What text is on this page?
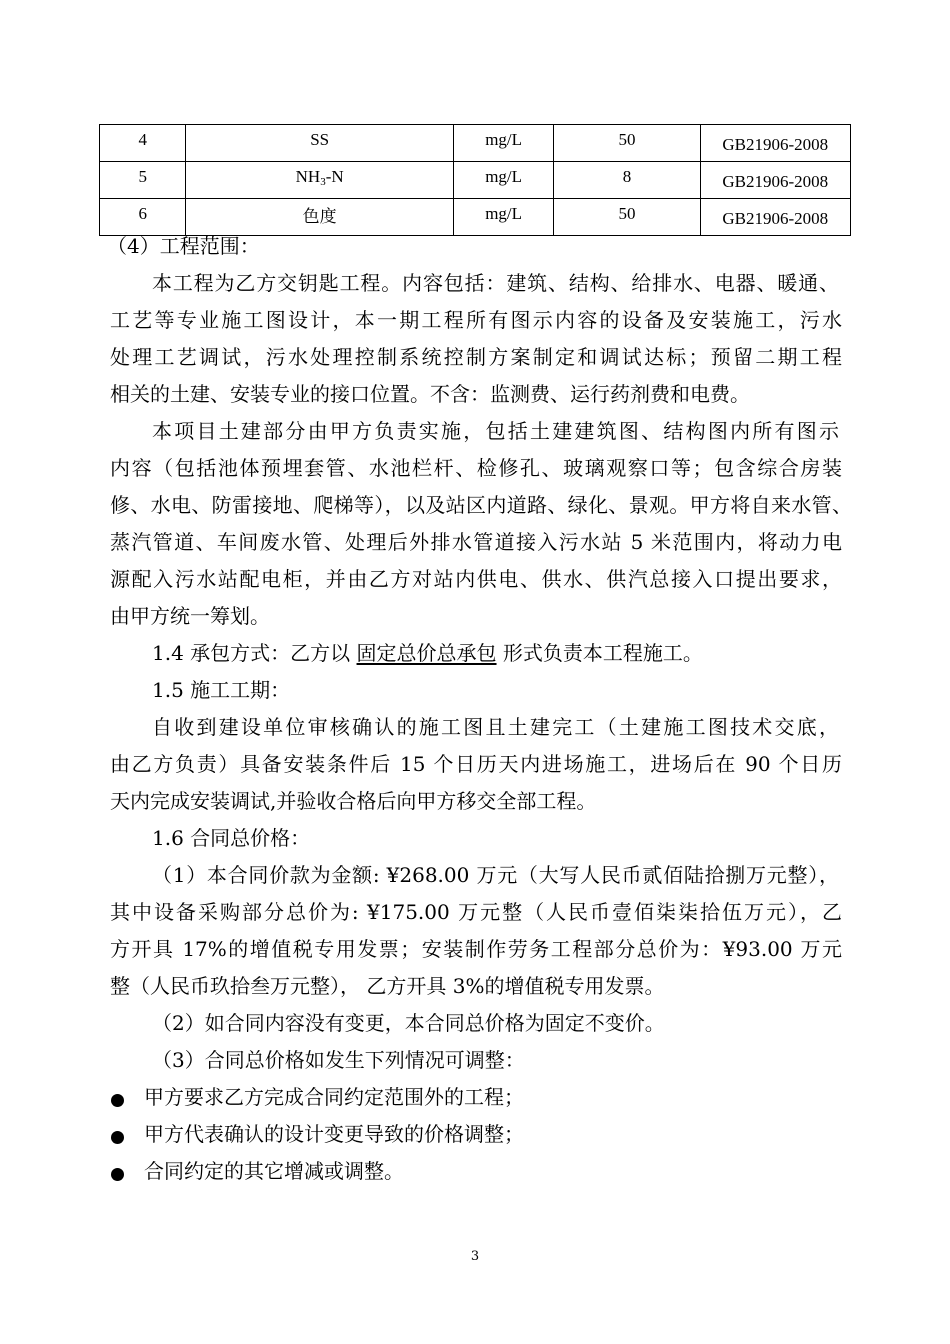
4	SS	mg/L	50	GB21906-2008
5	$NH_3-N$	mg/L	8	GB21906-2008
6	色度	mg/L	50	GB21906-2008
（4）工程范围：
本工程为乙方交钥匙工程。内容包括：建筑、结构、给排水、电器、暖通、
工艺等专业施工图设计，本一期工程所有图示内容的设备及安装施工，污水
处理工艺调试，污水处理控制系统控制方案制定和调试达标；预留二期工程
相关的土建、安装专业的接口位置。不含：监测费、运行药剂费和电费。
本项目土建部分由甲方负责实施，包括土建建筑图、结构图内所有图示
内容（包括池体预埋套管、水池栏杆、检修孔、玻璃观察口等；包含综合房装
修、水电、防雷接地、爬梯等），以及站区内道路、绿化、景观。甲方将自来水管、
蒸汽管道、车间废水管、处理后外排水管道接入污水站 5 米范围内，将动力电
源配入污水站配电柜，并由乙方对站内供电、供水、供汽总接入口提出要求，
由甲方统一筹划。
1.4 承包方式：乙方以 固定总价总承包 形式负责本工程施工。
1.5 施工工期：
自收到建设单位审核确认的施工图且土建完工（土建施工图技术交底，
由乙方负责）具备安装条件后 15 个日历天内进场施工，进场后在 90 个日历
天内完成安装调试,并验收合格后向甲方移交全部工程。
1.6 合同总价格：
（1）本合同价款为金额: ¥268.00 万元（大写人民币贰佰陆拾捌万元整），
其中设备采购部分总价为: ¥175.00 万元整（人民币壹佰柒柒拾伍万元），乙
方开具 17%的增值税专用发票；安装制作劳务工程部分总价为：¥93.00 万元
整（人民币玖拾叁万元整）， 乙方开具 3%的增值税专用发票。
（2）如合同内容没有变更，本合同总价格为固定不变价。
（3）合同总价格如发生下列情况可调整：
甲方要求乙方完成合同约定范围外的工程；
甲方代表确认的设计变更导致的价格调整；
合同约定的其它增减或调整。
3
